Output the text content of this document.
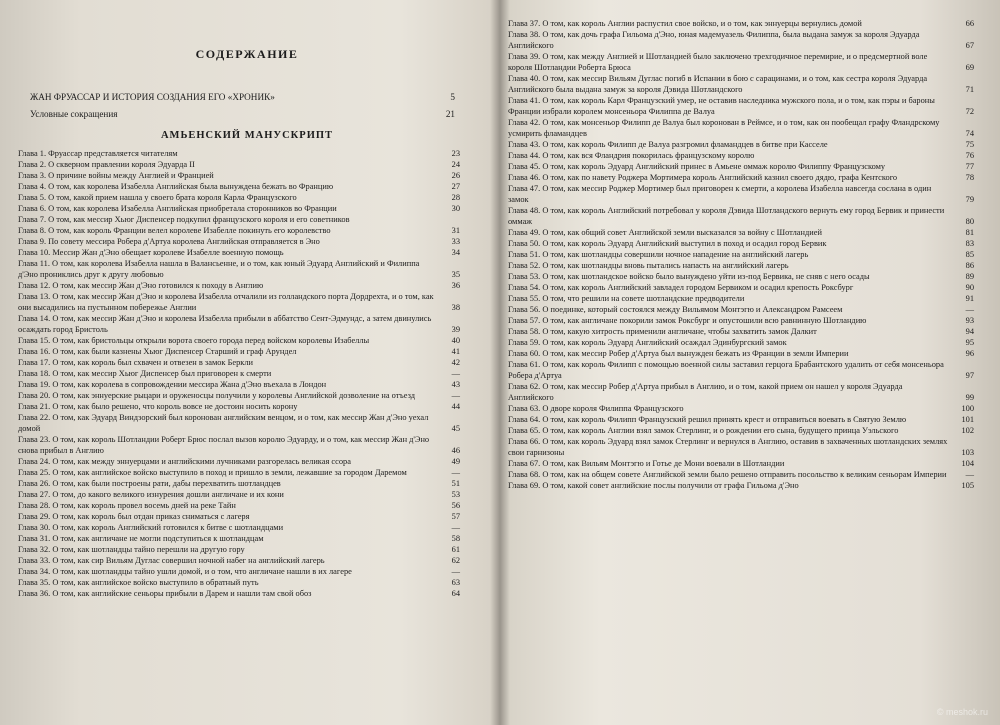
СОДЕРЖАНИЕ
ЖАН ФРУАССАР И ИСТОРИЯ СОЗДАНИЯ ЕГО «ХРОНИК»	5
Условные сокращения	21
АМЬЕНСКИЙ МАНУСКРИПТ
Глава 1. Фруассар представляется читателям	23
Глава 2. О скверном правлении короля Эдуарда II	24
Глава 3. О причине войны между Англией и Францией	26
Глава 4. О том, как королева Изабелла Английская была вынуждена бежать во Францию	27
Глава 5. О том, какой прием нашла у своего брата короля Карла Французского	28
Глава 6. О том, как королева Изабелла Английская приобретала сторонников во Франции	30
Глава 7. О том, как мессир Хьюг Диспенсер подкупил французского короля и его советников
Глава 8. О том, как король Франции велел королеве Изабелле покинуть его королевство	31
Глава 9. По совету мессира Робера д'Артуа королева Английская отправляется в Эно	33
Глава 10. Мессир Жан д'Эно обещает королеве Изабелле военную помощь	34
Глава 11. О том, как королева Изабелла нашла в Валансьенне, и о том, как юный Эдуард Английский и Филиппа д'Эно прониклись друг к другу любовью	35
Глава 12. О том, как мессир Жан д'Эно готовился к походу в Англию	36
Глава 13. О том, как мессир Жан д'Эно и королева Изабелла отчалили из голландского порта Дордрехта, и о том, как они высадились на пустынном побережье Англии	38
Глава 14. О том, как мессир Жан д'Эно и королева Изабелла прибыли в аббатство Сент-Эдмундс, а затем двинулись осаждать город Бристоль	39
Глава 15. О том, как бристольцы открыли ворота своего города перед войском королевы Изабеллы	40
Глава 16. О том, как были казнены Хьюг Диспенсер Старший и граф Арундел	41
Глава 17. О том, как король был схвачен и отвезен в замок Беркли	42
Глава 18. О том, как мессир Хьюг Диспенсер был приговорен к смерти	—
Глава 19. О том, как королева в сопровождении мессира Жана д'Эно въехала в Лондон	43
Глава 20. О том, как эннуерские рыцари и оруженосцы получили у королевы Английской дозволение на отъезд	—
Глава 21. О том, как было решено, что король вовсе не достоин носить корону	44
Глава 22. О том, как Эдуард Виндзорский был коронован английским венцом, и о том, как мессир Жан д'Эно уехал домой	45
Глава 23. О том, как король Шотландии Роберт Брюс послал вызов королю Эдуарду, и о том, как мессир Жан д'Эно снова прибыл в Англию	46
Глава 24. О том, как между эннуерцами и английскими лучниками разгорелась великая ссора	49
Глава 25. О том, как английское войско выступило в поход и пришло в земли, лежавшие за городом Даремом	—
Глава 26. О том, как были построены рати, дабы перехватить шотландцев	51
Глава 27. О том, до какого великого изнурения дошли англичане и их кони	53
Глава 28. О том, как король провел восемь дней на реке Тайн	56
Глава 29. О том, как король был отдан приказ сниматься с лагеря	57
Глава 30. О том, как король Английский готовился к битве с шотландцами	—
Глава 31. О том, как англичане не могли подступиться к шотландцам	58
Глава 32. О том, как шотландцы тайно перешли на другую гору	61
Глава 33. О том, как сир Вильям Дуглас совершил ночной набег на английский лагерь	62
Глава 34. О том, как шотландцы тайно ушли домой, и о том, что англичане нашли в их лагере	—
Глава 35. О том, как английское войско выступило в обратный путь	63
Глава 36. О том, как английские сеньоры прибыли в Дарем и нашли там свой обоз	64
Глава 37. О том, как король Англии распустил свое войско, и о том, как эннуерцы вернулись домой	66
Глава 38. О том, как дочь графа Гильома д'Эно, юная мадемуазель Филиппа, была выдана замуж за короля Эдуарда Английского	67
Глава 39. О том, как между Англией и Шотландией было заключено трехгодичное перемирие, и о предсмертной воле короля Шотландии Роберта Брюса	69
Глава 40. О том, как мессир Вильям Дуглас погиб в Испании в бою с сарацинами, и о том, как сестра короля Эдуарда Английского была выдана замуж за короля Дэвида Шотландского	71
Глава 41. О том, как король Карл Французский умер, не оставив наследника мужского пола, и о том, как пэры и бароны Франции избрали королем монсеньора Филиппа де Валуа	72
Глава 42. О том, как монсеньор Филипп де Валуа был коронован в Реймсе, и о том, как он пообещал графу Фландрскому усмирить фламандцев	74
Глава 43. О том, как король Филипп де Валуа разгромил фламандцев в битве при Касселе	75
Глава 44. О том, как вся Фландрия покорилась французскому королю	76
Глава 45. О том, как король Эдуард Английский принес в Амьене оммаж королю Филиппу Французскому	77
Глава 46. О том, как по навету Роджера Мортимера король Английский казнил своего дядю, графа Кентского	78
Глава 47. О том, как мессир Роджер Мортимер был приговорен к смерти, а королева Изабелла навсегда сослана в один замок	79
Глава 48. О том, как король Английский потребовал у короля Дэвида Шотландского вернуть ему город Бервик и принести оммаж	80
Глава 49. О том, как общий совет Английской земли высказался за войну с Шотландией	81
Глава 50. О том, как король Эдуард Английский выступил в поход и осадил город Бервик	83
Глава 51. О том, как шотландцы совершили ночное нападение на английский лагерь	85
Глава 52. О том, как шотландцы вновь пытались напасть на английский лагерь	86
Глава 53. О том, как шотландское войско было вынуждено уйти из-под Бервика, не сняв с него осады	89
Глава 54. О том, как король Английский завладел городом Бервиком и осадил крепость Роксбург	90
Глава 55. О том, что решили на совете шотландские предводители	91
Глава 56. О поединке, который состоялся между Вильямом Монтэгю и Александром Рамсеем	—
Глава 57. О том, как англичане покорили замок Роксбург и опустошили всю равнинную Шотландию	93
Глава 58. О том, какую хитрость применили англичане, чтобы захватить замок Далкит	94
Глава 59. О том, как король Эдуард Английский осаждал Эдинбургский замок	95
Глава 60. О том, как мессир Робер д'Артуа был вынужден бежать из Франции в земли Империи	96
Глава 61. О том, как король Филипп с помощью военной силы заставил герцога Брабантского удалить от себя монсеньора Робера д'Артуа	97
Глава 62. О том, как мессир Робер д'Артуа прибыл в Англию, и о том, какой прием он нашел у короля Эдуарда Английского	99
Глава 63. О дворе короля Филиппа Французского	100
Глава 64. О том, как король Филипп Французский решил принять крест и отправиться воевать в Святую Землю	101
Глава 65. О том, как король Англии взял замок Стерлинг, и о рождении его сына, будущего принца Уэльского	102
Глава 66. О том, как король Эдуард взял замок Стерлинг и вернулся в Англию, оставив в захваченных шотландских землях свои гарнизоны	103
Глава 67. О том, как Вильям Монтэгю и Готье де Мони воевали в Шотландии	104
Глава 68. О том, как на общем совете Английской земли было решено отправить посольство к великим сеньорам Империи	—
Глава 69. О том, какой совет английские послы получили от графа Гильома д'Эно	105
© meshok.ru
